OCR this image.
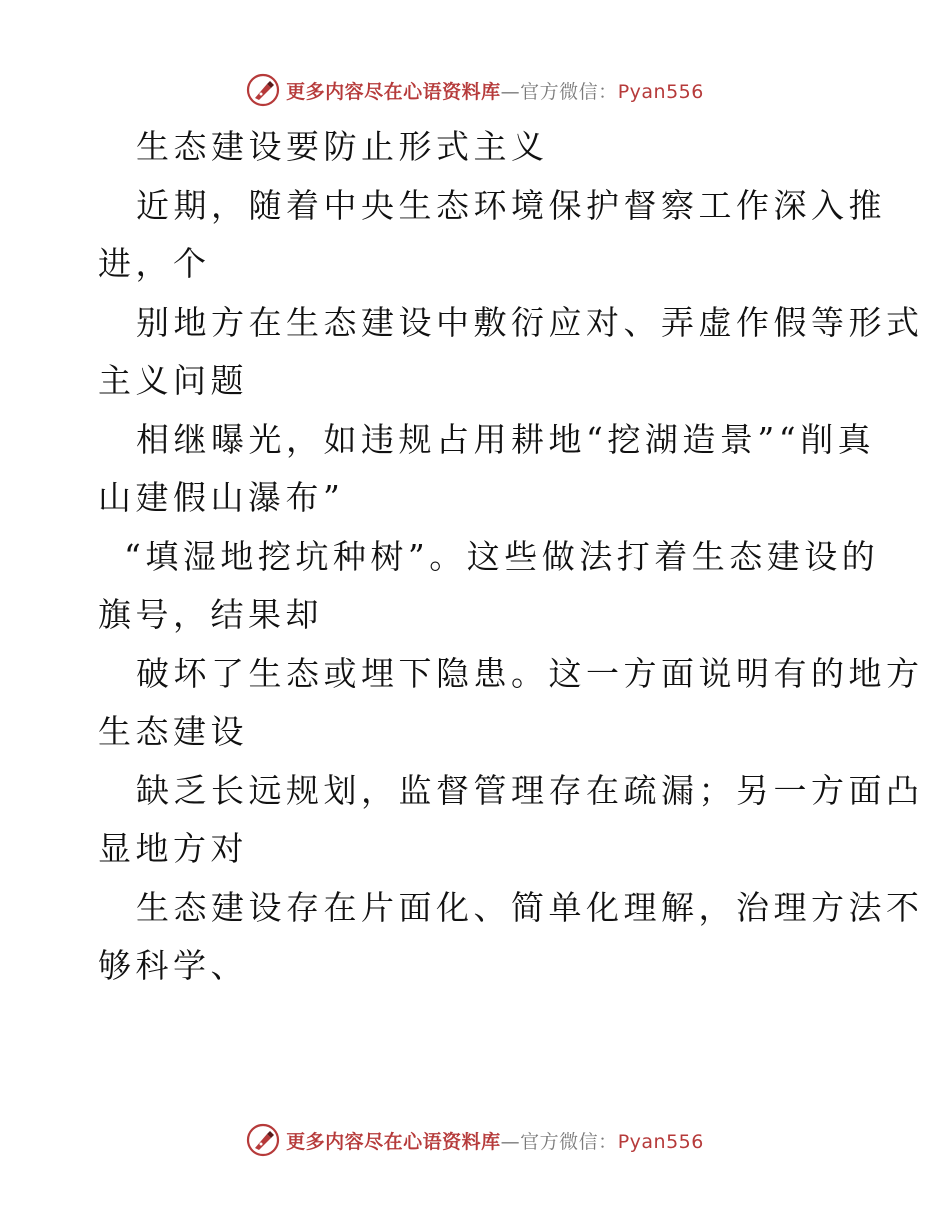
更多内容尽在心语资料库—官方微信：Pyan556
生态建设要防止形式主义
近期，随着中央生态环境保护督察工作深入推
进，个
别地方在生态建设中敷衍应对、弄虚作假等形式
主义问题
相继曝光，如违规占用耕地“挖湖造景”“削真
山建假山瀑布”
“填湿地挖坑种树”。这些做法打着生态建设的
旗号，结果却
破坏了生态或埋下隐患。这一方面说明有的地方
生态建设
缺乏长远规划，监督管理存在疏漏；另一方面凸
显地方对
生态建设存在片面化、简单化理解，治理方法不
够科学、
更多内容尽在心语资料库—官方微信：Pyan556
